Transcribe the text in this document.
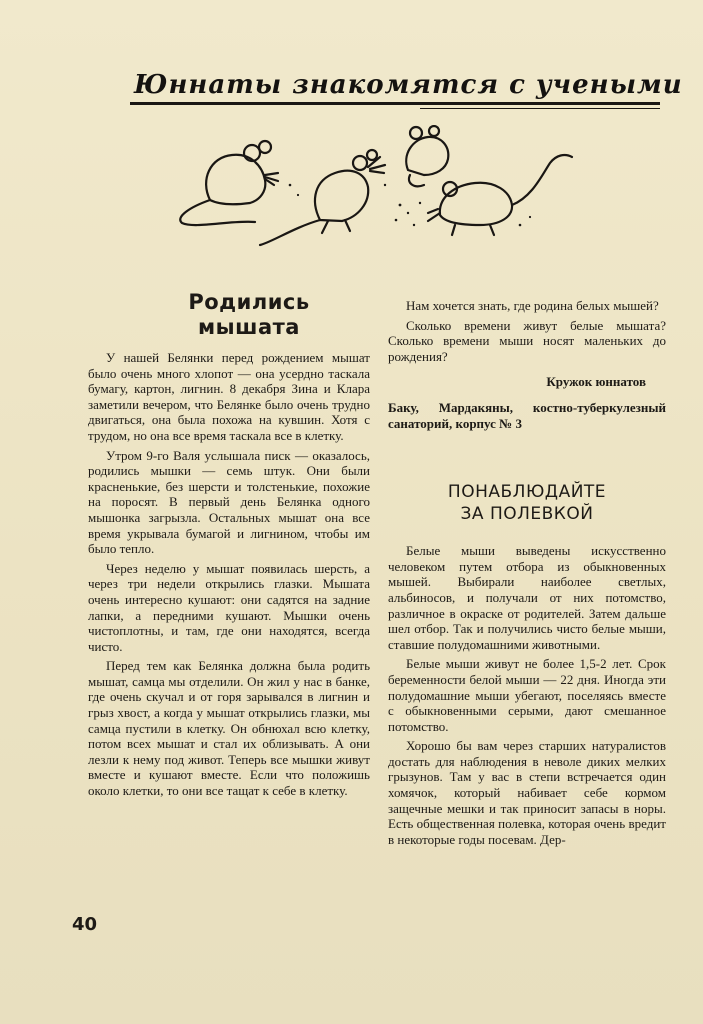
Юннаты знакомятся с учеными
Родились
мышата

У нашей Белянки перед рождением мышат было очень много хлопот — она усердно таскала бумагу, картон, лигнин. 8 декабря Зина и Клара заметили вечером, что Белянке было очень трудно двигаться, она была похожа на кувшин. Хотя с трудом, но она все время таскала все в клетку.

Утром 9-го Валя услышала писк — оказалось, родились мышки — семь штук. Они были красненькие, без шерсти и толстенькие, похожие на поросят. В первый день Белянка одного мышонка загрызла. Остальных мышат она все время укрывала бумагой и лигнином, чтобы им было тепло.

Через неделю у мышат появилась шерсть, а через три недели открылись глазки. Мышата очень интересно кушают: они садятся на задние лапки, а передними кушают. Мышки очень чистоплотны, и там, где они находятся, всегда чисто.

Перед тем как Белянка должна была родить мышат, самца мы отделили. Он жил у нас в банке, где очень скучал и от горя зарывался в лигнин и грыз хвост, а когда у мышат открылись глазки, мы самца пустили в клетку. Он обнюхал всю клетку, потом всех мышат и стал их облизывать. А они лезли к нему под живот. Теперь все мышки живут вместе и кушают вместе. Если что положишь около клетки, то они все тащат к себе в клетку.

Нам хочется знать, где родина белых мышей?

Сколько времени живут белые мышата? Сколько времени мыши носят маленьких до рождения?

Кружок юннатов

Баку, Мардакяны, костно-туберкулезный санаторий, корпус № 3

ПОНАБЛЮДАЙТЕ
ЗА ПОЛЕВКОЙ

Белые мыши выведены искусственно человеком путем отбора из обыкновенных мышей. Выбирали наиболее светлых, альбиносов, и получали от них потомство, различное в окраске от родителей. Затем дальше шел отбор. Так и получились чисто белые мыши, ставшие полудомашними животными.

Белые мыши живут не более 1,5-2 лет. Срок беременности белой мыши — 22 дня. Иногда эти полудомашние мыши убегают, поселяясь вместе с обыкновенными серыми, дают смешанное потомство.

Хорошо бы вам через старших натуралистов достать для наблюдения в неволе диких мелких грызунов. Там у вас в степи встречается один хомячок, который набивает себе кормом защечные мешки и так приносит запасы в норы. Есть общественная полевка, которая очень вредит в некоторые годы посевам. Дер-

40
